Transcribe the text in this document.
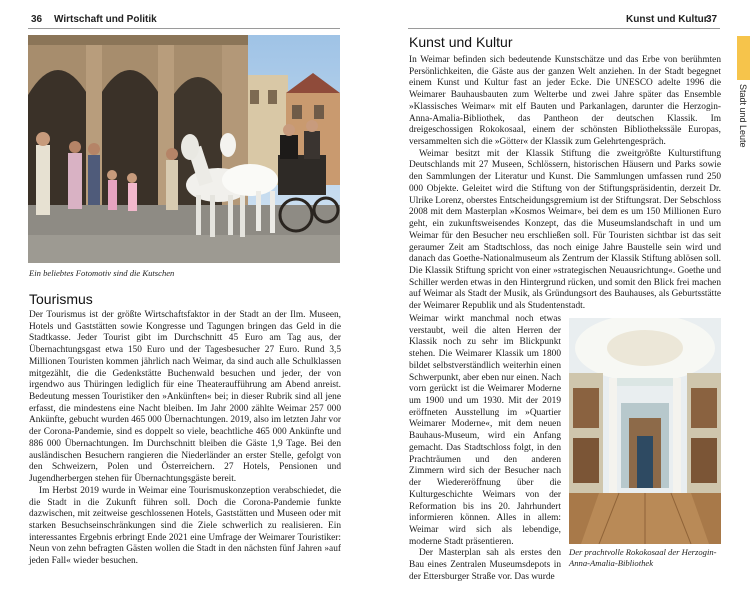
36 Wirtschaft und Politik
Ein beliebtes Fotomotiv sind die Kutschen
Tourismus

Der Tourismus ist der größte Wirtschaftsfaktor in der Stadt an der Ilm. Museen, Hotels und Gaststätten sowie Kongresse und Tagungen bringen das Geld in die Stadtkasse. Jeder Tourist gibt im Durchschnitt 45 Euro am Tag aus, der Übernachtungsgast etwa 150 Euro und der Tagesbesucher 27 Euro. Rund 3,5 Millionen Touristen kommen jährlich nach Weimar, da sind auch alle Schulklassen mitgezählt, die die Gedenkstätte Buchenwald besuchen und jeder, der von irgendwo aus Thüringen lediglich für eine Theateraufführung am Abend anreist. Bedeutung messen Touristiker den »Ankünften« bei; in dieser Rubrik sind all jene erfasst, die mindestens eine Nacht bleiben. Im Jahr 2000 zählte Weimar 257 000 Ankünfte, gebucht wurden 465 000 Übernachtungen. 2019, also im letzten Jahr vor der Corona-Pandemie, sind es doppelt so viele, beachtliche 465 000 Ankünfte und 886 000 Übernachtungen. Im Durchschnitt bleiben die Gäste 1,9 Tage. Bei den ausländischen Besuchern rangieren die Niederländer an erster Stelle, gefolgt von den Schweizern, Polen und Österreichern. 27 Hotels, Pensionen und Jugendherbergen stehen für Übernachtungsgäste bereit.

Im Herbst 2019 wurde in Weimar eine Tourismuskonzeption verabschiedet, die die Stadt in die Zukunft führen soll. Doch die Corona-Pandemie funkte dazwischen, mit zeitweise geschlossenen Hotels, Gaststätten und Museen oder mit starken Besuchseinschränkungen sind die Ziele schwerlich zu realisieren. Ein interessantes Ergebnis erbringt Ende 2021 eine Umfrage der Weimarer Touristiker: Neun von zehn befragten Gästen wollen die Stadt in den nächsten fünf Jahren »auf jeden Fall« wieder besuchen.

Kunst und Kultur
37
Stadt und Leute
Kunst und Kultur

In Weimar befinden sich bedeutende Kunstschätze und das Erbe von berühmten Persönlichkeiten, die Gäste aus der ganzen Welt anziehen. In der Stadt begegnet einem Kunst und Kultur fast an jeder Ecke. Die UNESCO adelte 1996 die Weimarer Bauhausbauten zum Welterbe und zwei Jahre später das Ensemble »Klassisches Weimar« mit elf Bauten und Parkanlagen, darunter die Herzogin-Anna-Amalia-Bibliothek, das Pantheon der deutschen Klassik. Im dreigeschossigen Rokokosaal, einem der schönsten Bibliothekssäle Europas, versammelten sich die »Götter« der Klassik zum Gelehrtengespräch.

Weimar besitzt mit der Klassik Stiftung die zweitgrößte Kulturstiftung Deutschlands mit 27 Museen, Schlössern, historischen Häusern und Parks sowie den Sammlungen der Literatur und Kunst. Die Sammlungen umfassen rund 250 000 Objekte. Geleitet wird die Stiftung von der Stiftungspräsidentin, derzeit Dr. Ulrike Lorenz, oberstes Entscheidungsgremium ist der Stiftungsrat. Der Sebschloss 2008 mit dem Masterplan »Kosmos Weimar«, bei dem es um 150 Millionen Euro geht, ein zukunftsweisendes Konzept, das die Museumslandschaft in und um Weimar für den Besucher neu erschließen soll. Für Touristen sichtbar ist das seit geraumer Zeit am Stadtschloss, das noch einige Jahre Baustelle sein wird und danach das Goethe-Nationalmuseum als Zentrum der Klassik Stiftung ablösen soll. Die Klassik Stiftung spricht von einer »strategischen Neuausrichtung«. Goethe und Schiller werden etwas in den Hintergrund rücken, und somit den Blick frei machen auf Weimar als Stadt der Musik, als Gründungsort des Bauhauses, als Geburtsstätte der Weimarer Republik und als Studentenstadt.

Weimar wirkt manchmal noch etwas verstaubt, weil die alten Herren der Klassik noch zu sehr im Blickpunkt stehen. Die Weimarer Klassik um 1800 bildet selbstverständlich weiterhin einen Schwerpunkt, aber eben nur einen. Nach vorn gerückt ist die Weimarer Moderne um 1900 und um 1930. Mit der 2019 eröffneten Ausstellung im »Quartier Weimarer Moderne«, mit dem neuen Bauhaus-Museum, wird ein Anfang gemacht. Das Stadtschloss folgt, in den Prachträumen und den anderen Zimmern wird sich der Besucher nach der Wiedereröffnung über die Kulturgeschichte Weimars von der Reformation bis ins 20. Jahrhundert informieren können. Alles in allem: Weimar wird sich als lebendige, moderne Stadt präsentieren.

Der Masterplan sah als erstes den Bau eines Zentralen Museumsdepots in der Ettersburger Straße vor. Das wurde

Der prachtvolle Rokokosaal der Herzogin-Anna-Amalia-Bibliothek
